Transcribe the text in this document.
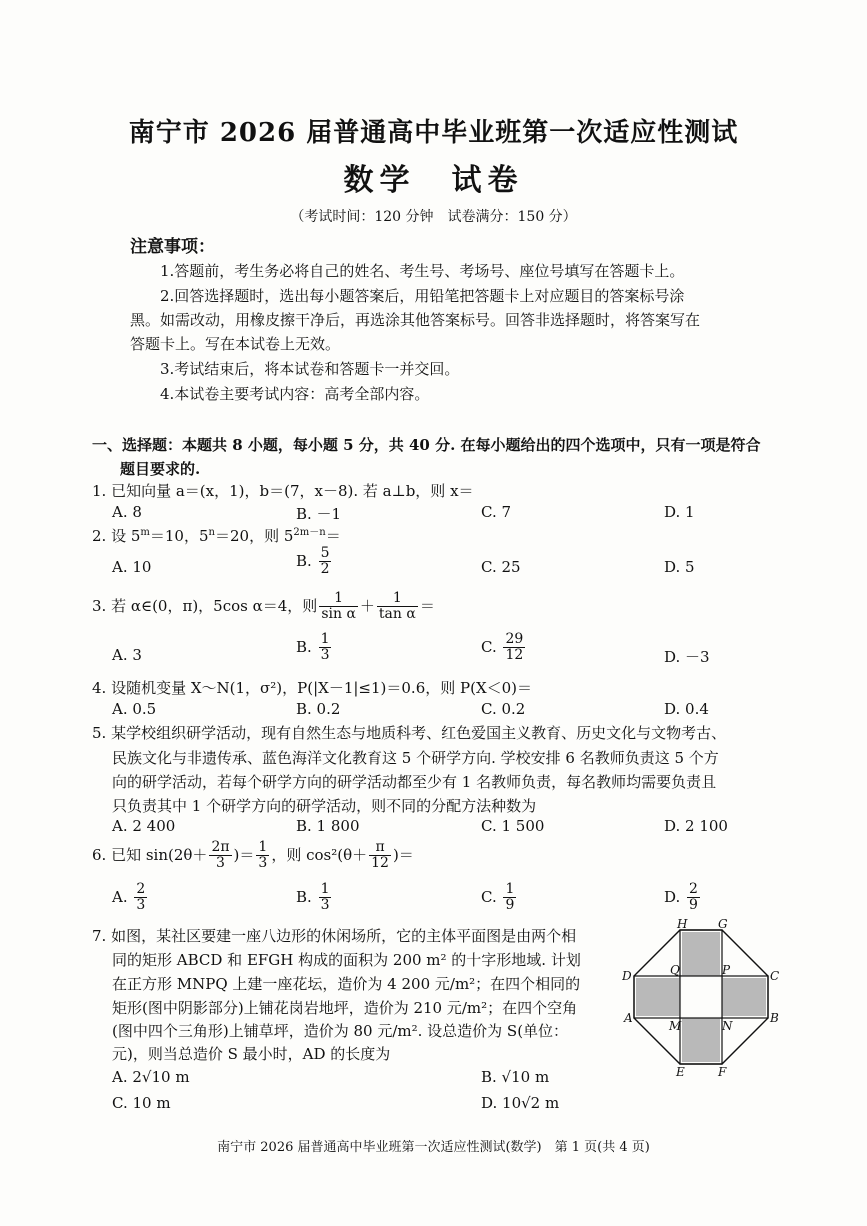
南宁市 2026 届普通高中毕业班第一次适应性测试
数学　试卷
（考试时间：120 分钟　试卷满分：150 分）
注意事项：
1.答题前，考生务必将自己的姓名、考生号、考场号、座位号填写在答题卡上。
2.回答选择题时，选出每小题答案后，用铅笔把答题卡上对应题目的答案标号涂
黑。如需改动，用橡皮擦干净后，再选涂其他答案标号。回答非选择题时，将答案写在
答题卡上。写在本试卷上无效。
3.考试结束后，将本试卷和答题卡一并交回。
4.本试卷主要考试内容：高考全部内容。
一、选择题：本题共 8 小题，每小题 5 分，共 40 分. 在每小题给出的四个选项中，只有一项是符合
题目要求的.
1. 已知向量 a＝(x，1)，b＝(7，x－8). 若 a⊥b，则 x＝
A. 8	B. －1	C. 7	D. 1
2. 设 $5^m=10$，$5^n=20$，则 $5^{2m-n}=$
A. 10	B. $\frac{5}{2}$	C. 25	D. 5
3. 若 α∈(0，π)，5cos α＝4，则 $\frac{1}{\text{sin α}} + \frac{1}{\text{tan α}}$ ＝
A. 3	B. $\frac{1}{3}$	C. $\frac{29}{12}$	D. －3
4. 设随机变量 X～N(1，σ²)，P(|X－1|≤1)＝0.6，则 P(X＜0)＝
A. 0.5	B. 0.2	C. 0.2	D. 0.4
5. 某学校组织研学活动，现有自然生态与地质科考、红色爱国主义教育、历史文化与文物考古、
民族文化与非遗传承、蓝色海洋文化教育这 5 个研学方向. 学校安排 6 名教师负责这 5 个方
向的研学活动，若每个研学方向的研学活动都至少有 1 名教师负责，每名教师均需要负责且
只负责其中 1 个研学方向的研学活动，则不同的分配方法种数为
A. 2 400	B. 1 800	C. 1 500	D. 2 100
6. 已知 $\sin(2\theta+ \frac{2\pi}{3}$ )＝ $\frac{1}{3}$ ，则 $\cos^2(\theta+ \frac{\pi}{12}$ )＝
A. $\frac{2}{3}$	B. $\frac{1}{3}$	C. $\frac{1}{9}$	D. $\frac{2}{9}$
7. 如图，某社区要建一座八边形的休闲场所，它的主体平面图是由两个相
同的矩形 ABCD 和 EFGH 构成的面积为 200 m² 的十字形地域. 计划
在正方形 MNPQ 上建一座花坛，造价为 4 200 元/m²；在四个相同的
矩形(图中阴影部分)上铺花岗岩地坪，造价为 210 元/m²；在四个空角
(图中四个三角形)上铺草坪，造价为 80 元/m². 设总造价为 S(单位：
元)，则当总造价 S 最小时，AD 的长度为
A. 2√10 m	B. √10 m
C. 10 m	D. 10√2 m
H	G
D	C
A	B
E	F
Q	P
M	N
南宁市 2026 届普通高中毕业班第一次适应性测试(数学)　第 1 页(共 4 页)
